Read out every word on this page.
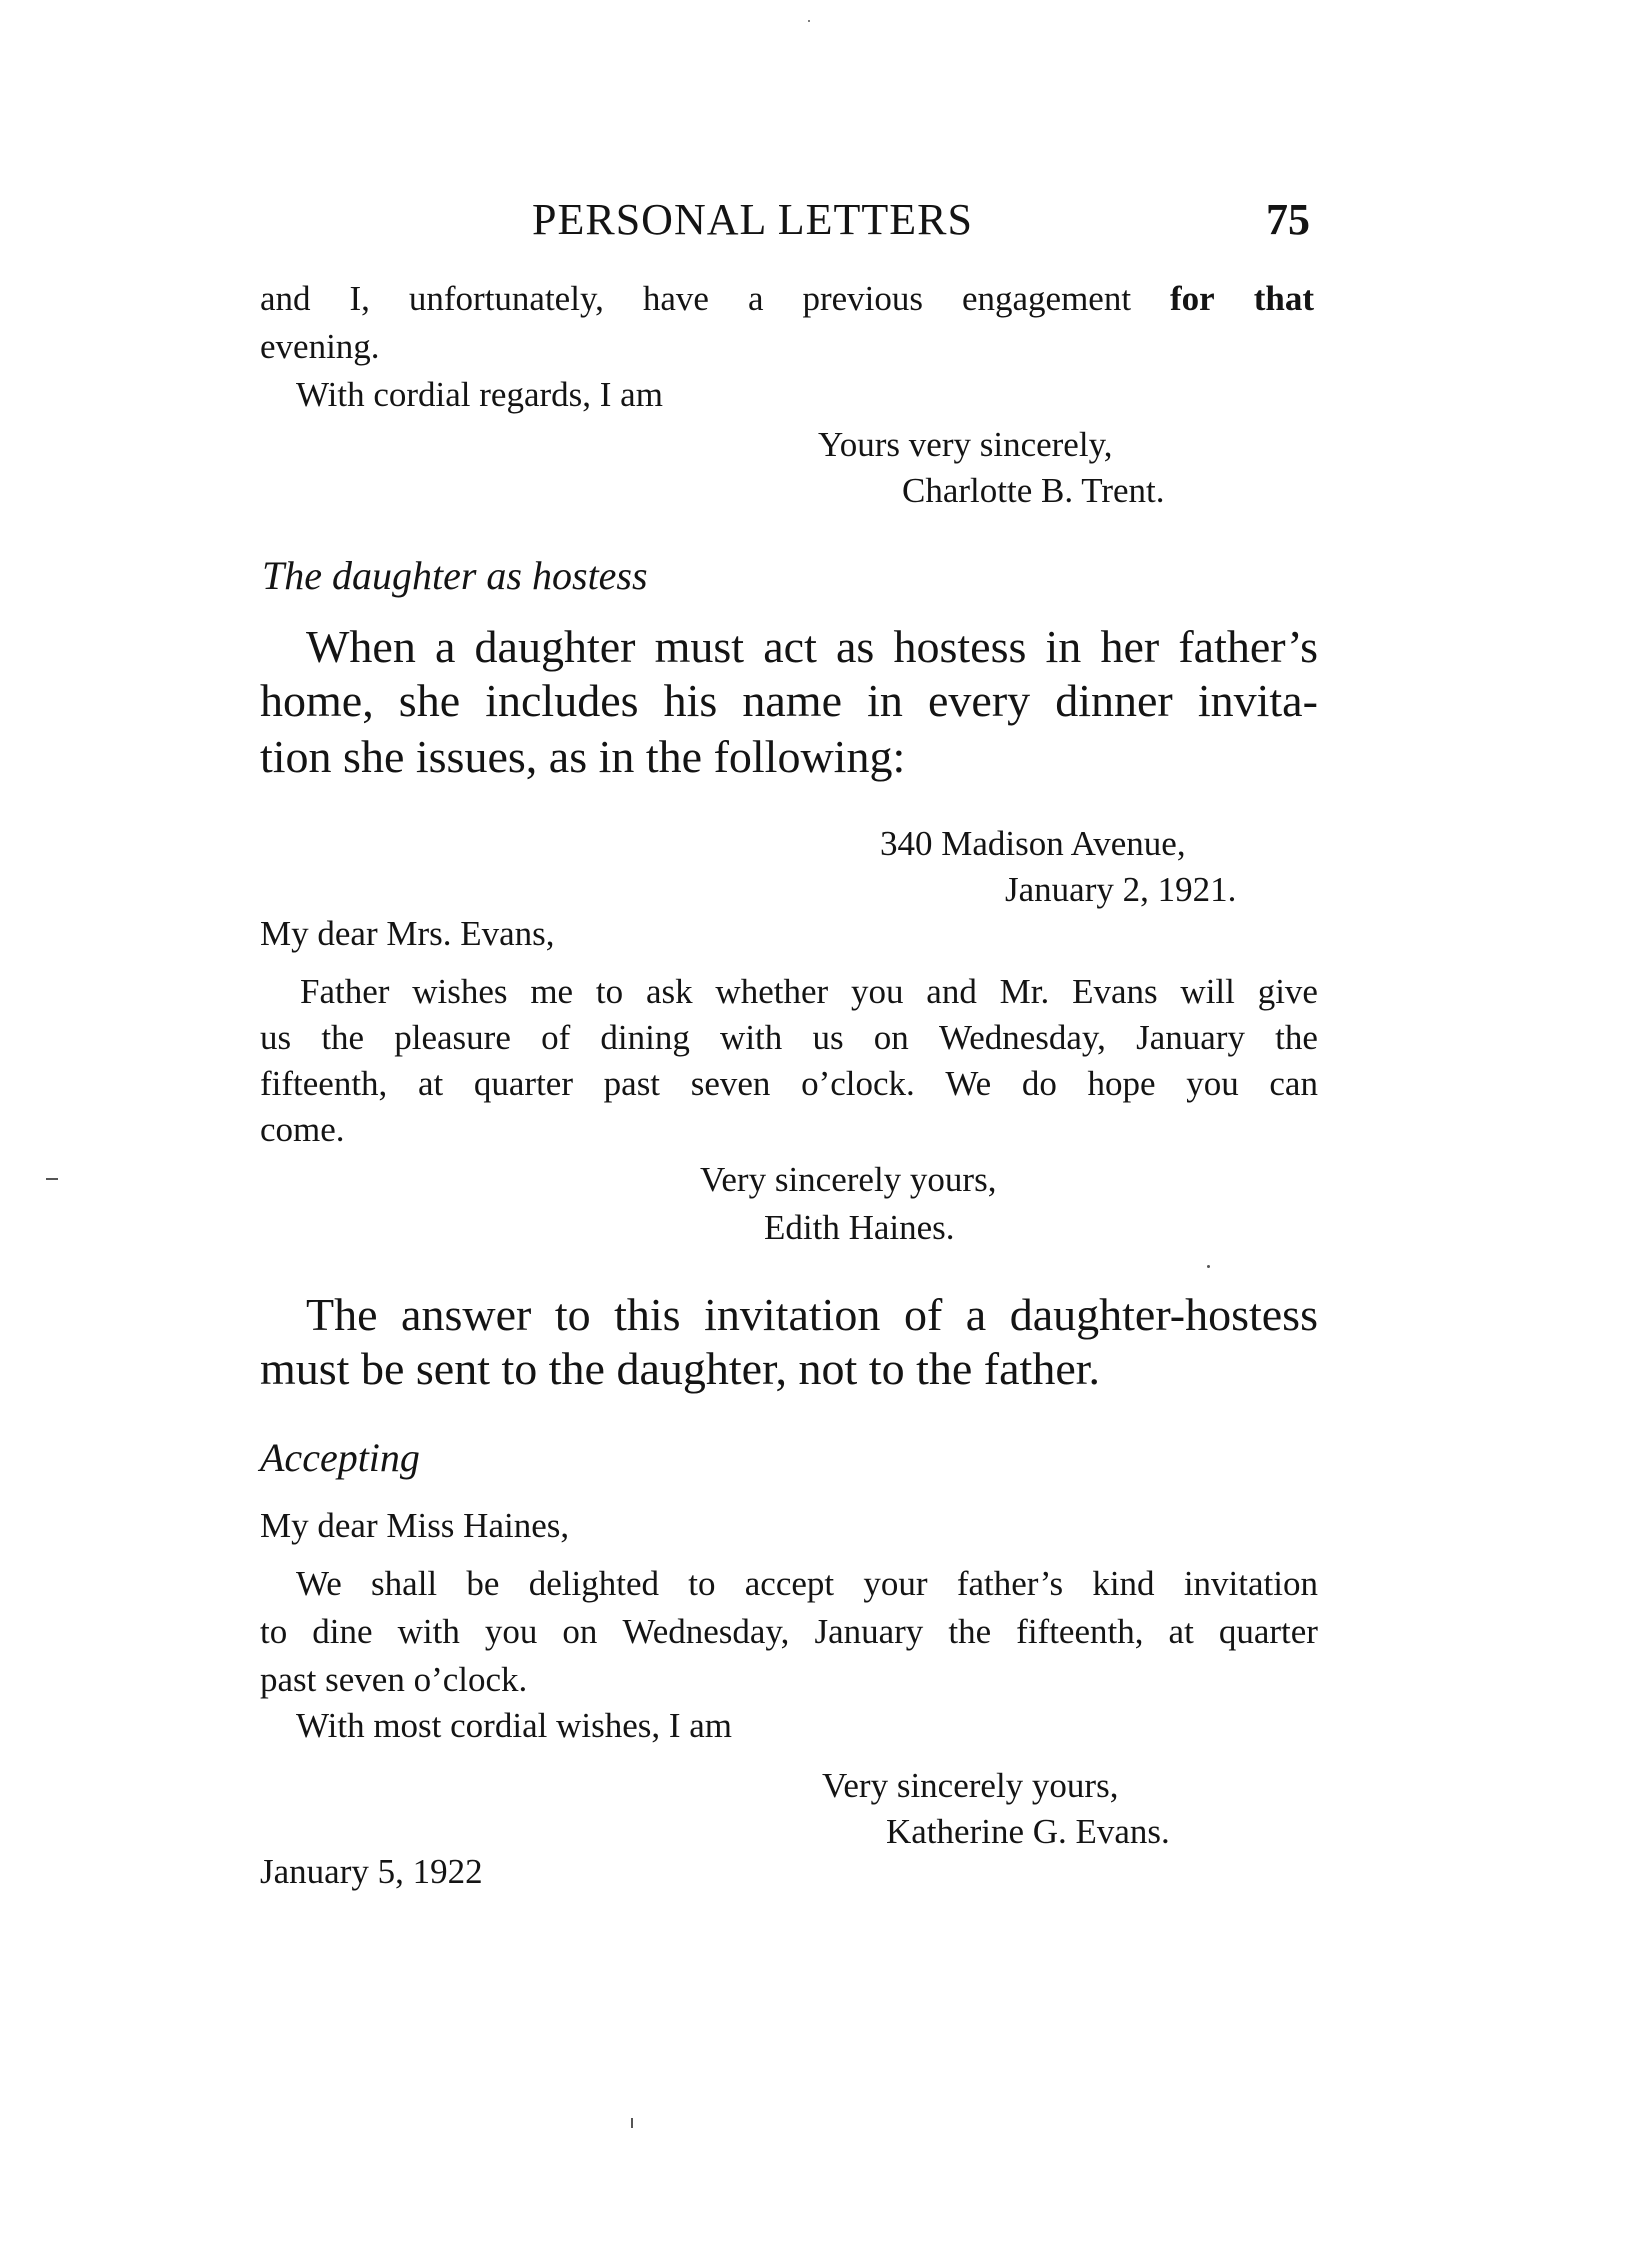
PERSONAL LETTERS	75
and I, unfortunately, have a previous engagement for that
evening.
With cordial regards, I am
Yours very sincerely,
Charlotte B. Trent.
The daughter as hostess
When a daughter must act as hostess in her father’s
home, she includes his name in every dinner invita-
tion she issues, as in the following:
340 Madison Avenue,
January 2, 1921.
My dear Mrs. Evans,
Father wishes me to ask whether you and Mr. Evans will give
us the pleasure of dining with us on Wednesday, January the
fifteenth, at quarter past seven o’clock. We do hope you can
come.
Very sincerely yours,
Edith Haines.
The answer to this invitation of a daughter-hostess
must be sent to the daughter, not to the father.
Accepting
My dear Miss Haines,
We shall be delighted to accept your father’s kind invitation
to dine with you on Wednesday, January the fifteenth, at quarter
past seven o’clock.
With most cordial wishes, I am
Very sincerely yours,
Katherine G. Evans.
January 5, 1922
